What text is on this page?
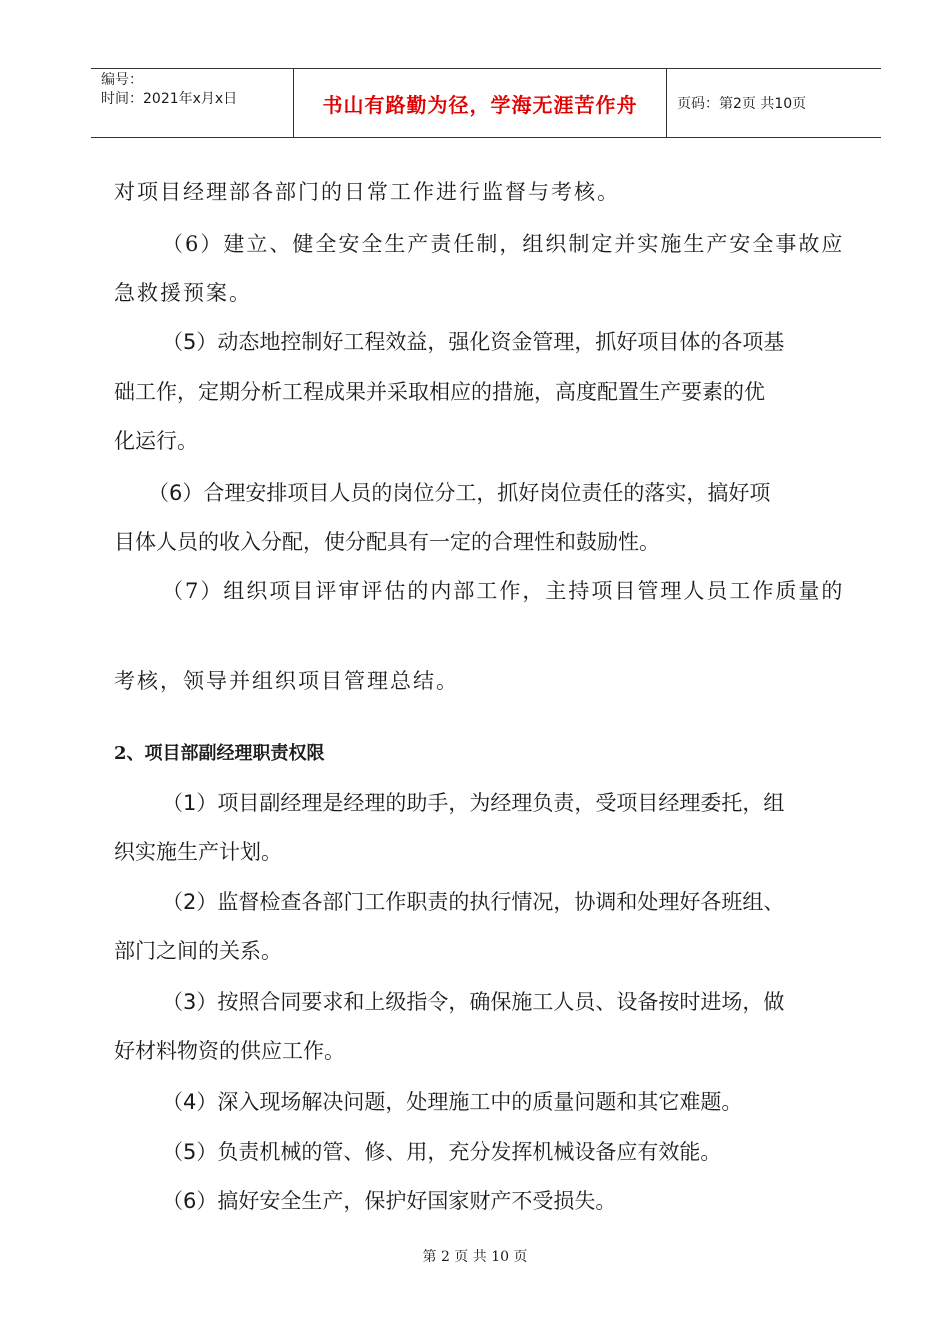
编号：
时间：2021年x月x日	书山有路勤为径，学海无涯苦作舟	页码：第2页 共10页
对项目经理部各部门的日常工作进行监督与考核。
（6）建立、健全安全生产责任制，组织制定并实施生产安全事故应
急救援预案。
（5）动态地控制好工程效益，强化资金管理，抓好项目体的各项基
础工作，定期分析工程成果并采取相应的措施，高度配置生产要素的优
化运行。
（6）合理安排项目人员的岗位分工，抓好岗位责任的落实，搞好项
目体人员的收入分配，使分配具有一定的合理性和鼓励性。
（7）组织项目评审评估的内部工作，主持项目管理人员工作质量的
考核，领导并组织项目管理总结。
2、项目部副经理职责权限
（1）项目副经理是经理的助手，为经理负责，受项目经理委托，组
织实施生产计划。
（2）监督检查各部门工作职责的执行情况，协调和处理好各班组、
部门之间的关系。
（3）按照合同要求和上级指令，确保施工人员、设备按时进场，做
好材料物资的供应工作。
（4）深入现场解决问题，处理施工中的质量问题和其它难题。
（5）负责机械的管、修、用，充分发挥机械设备应有效能。
（6）搞好安全生产，保护好国家财产不受损失。
第 2 页 共 10 页
